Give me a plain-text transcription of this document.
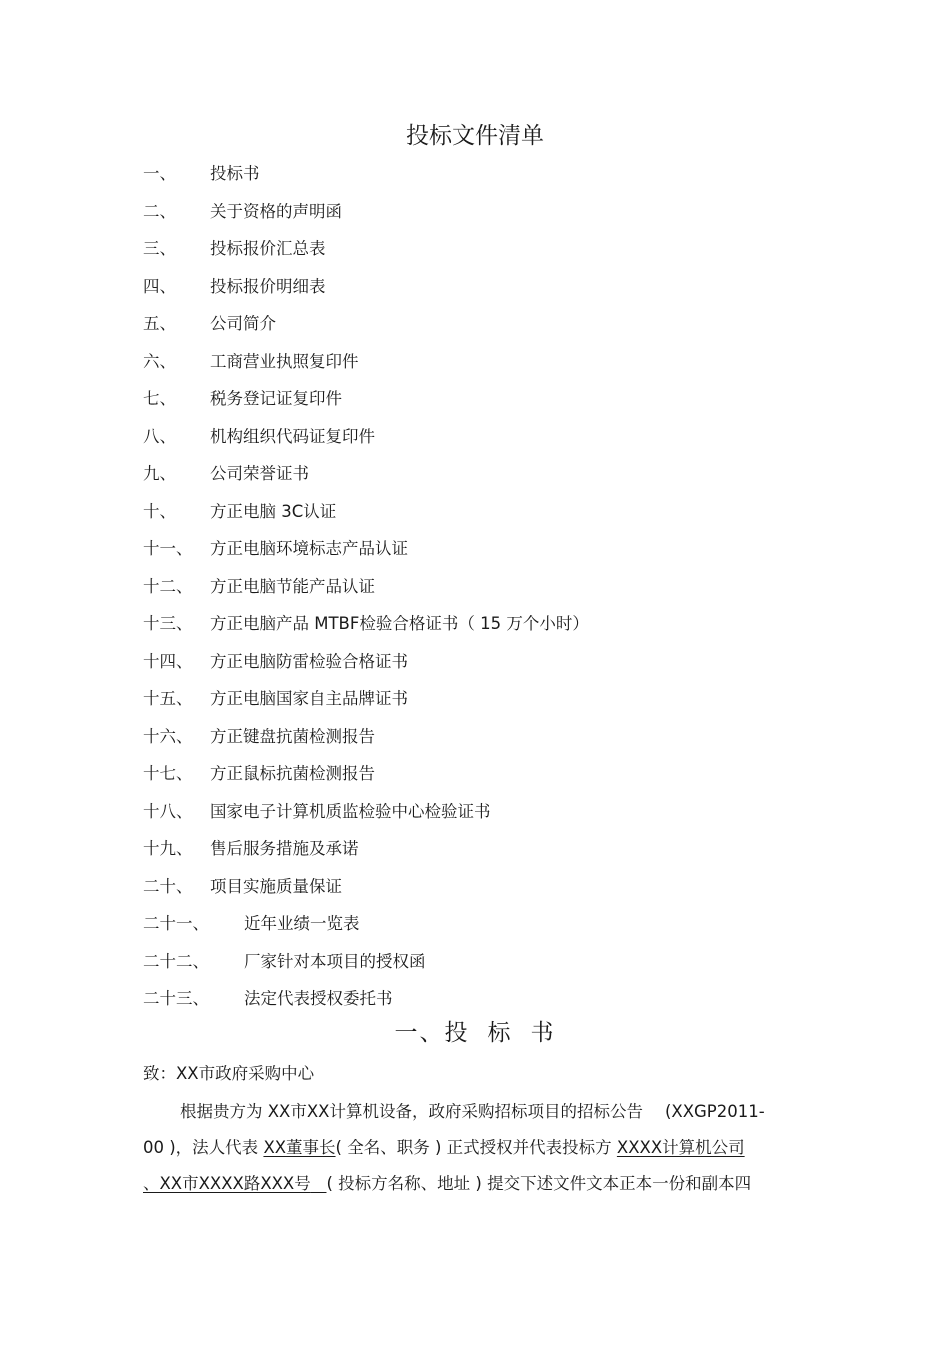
投标文件清单
一、 投标书
二、 关于资格的声明函
三、 投标报价汇总表
四、 投标报价明细表
五、 公司简介
六、 工商营业执照复印件
七、 税务登记证复印件
八、 机构组织代码证复印件
九、 公司荣誉证书
十、 方正电脑 3C认证
十一、 方正电脑环境标志产品认证
十二、 方正电脑节能产品认证
十三、 方正电脑产品 MTBF检验合格证书（ 15 万个小时）
十四、 方正电脑防雷检验合格证书
十五、 方正电脑国家自主品牌证书
十六、 方正键盘抗菌检测报告
十七、 方正鼠标抗菌检测报告
十八、 国家电子计算机质监检验中心检验证书
十九、 售后服务措施及承诺
二十、 项目实施质量保证
二十一、 近年业绩一览表
二十二、 厂家针对本项目的授权函
二十三、 法定代表授权委托书
一、投 标 书
致：XX市政府采购中心
根据贵方为 XX市XX计算机设备，政府采购招标项目的招标公告 (XXGP2011-
00 )，法人代表 XX董事长( 全名、职务 ) 正式授权并代表投标方 XXXX计算机公司
、XX市XXXX路XXX号 ( 投标方名称、地址 ) 提交下述文件文本正本一份和副本四
